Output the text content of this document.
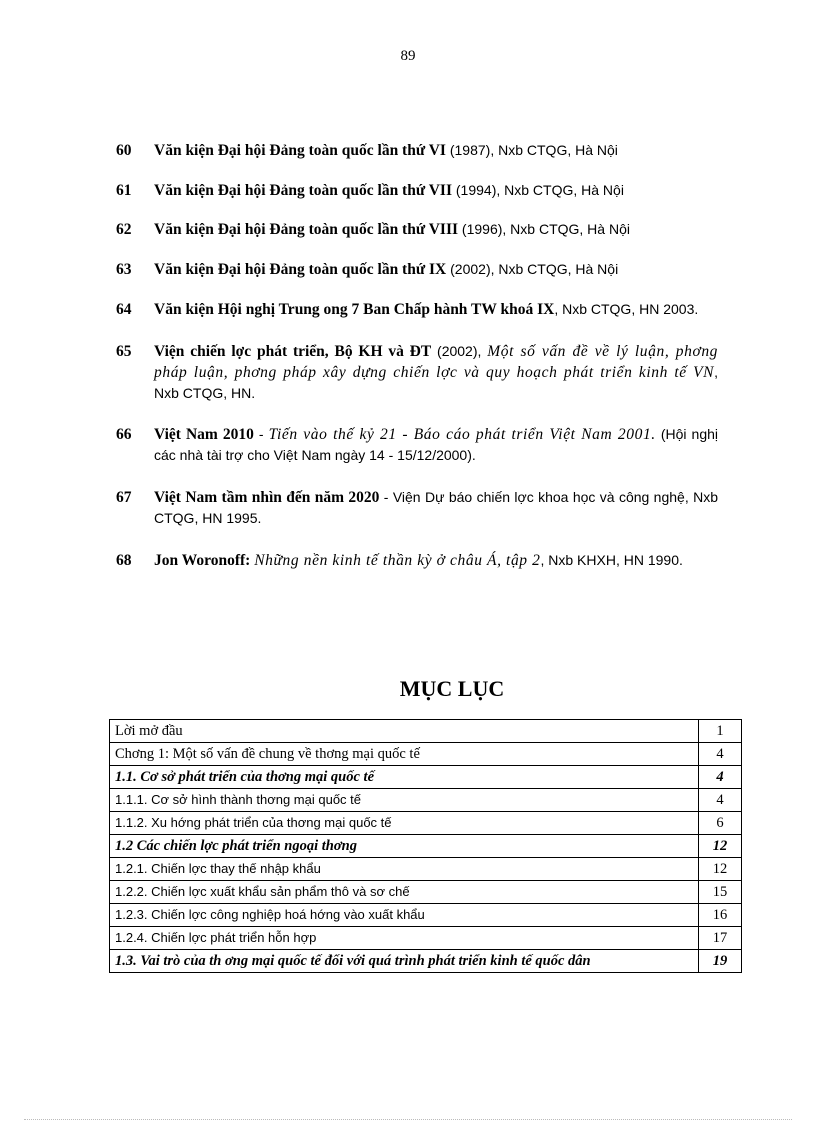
89
60	Văn kiện Đại hội Đảng toàn quốc lần thứ VI (1987), Nxb CTQG, Hà Nội
61	Văn kiện Đại hội Đảng toàn quốc lần thứ VII (1994), Nxb CTQG, Hà Nội
62	Văn kiện Đại hội Đảng toàn quốc lần thứ VIII (1996), Nxb CTQG, Hà Nội
63	Văn kiện Đại hội Đảng toàn quốc lần thứ IX (2002), Nxb CTQG, Hà Nội
64	Văn kiện Hội nghị Trung ong 7 Ban Chấp hành TW khoá IX, Nxb CTQG, HN 2003.
65	Viện chiến lợc phát triển, Bộ KH và ĐT (2002), Một số vấn đề về lý luận, phơng pháp luận, phơng pháp xây dựng chiến lợc và quy hoạch phát triển kinh tế VN, Nxb CTQG, HN.
66	Việt Nam 2010 - Tiến vào thế kỷ 21 - Báo cáo phát triển Việt Nam 2001. (Hội nghị các nhà tài trợ cho Việt Nam ngày 14 - 15/12/2000).
67	Việt Nam tầm nhìn đến năm 2020 - Viện Dự báo chiến lợc khoa học và công nghệ, Nxb CTQG, HN 1995.
68	Jon Woronoff: Những nền kinh tế thần kỳ ở châu Á, tập 2, Nxb KHXH, HN 1990.
MỤC LỤC
Lời mở đầu	1
Chơng 1: Một số vấn đề chung về thơng mại quốc tế	4
1.1. Cơ sở phát triển của thơng mại quốc tế	4
1.1.1. Cơ sở hình thành thơng mại quốc tế	4
1.1.2. Xu hớng phát triển của thơng mại quốc tế	6
1.2 Các chiến lợc phát triển ngoại thơng	12
1.2.1. Chiến lợc thay thế nhập khẩu	12
1.2.2. Chiến lợc xuất khẩu sản phẩm thô và sơ chế	15
1.2.3. Chiến lợc công nghiệp hoá hớng vào xuất khẩu	16
1.2.4. Chiến lợc phát triển hỗn hợp	17
1.3. Vai trò của th ơng mại quốc tế đối với quá trình phát triển kinh tế quốc dân	19
